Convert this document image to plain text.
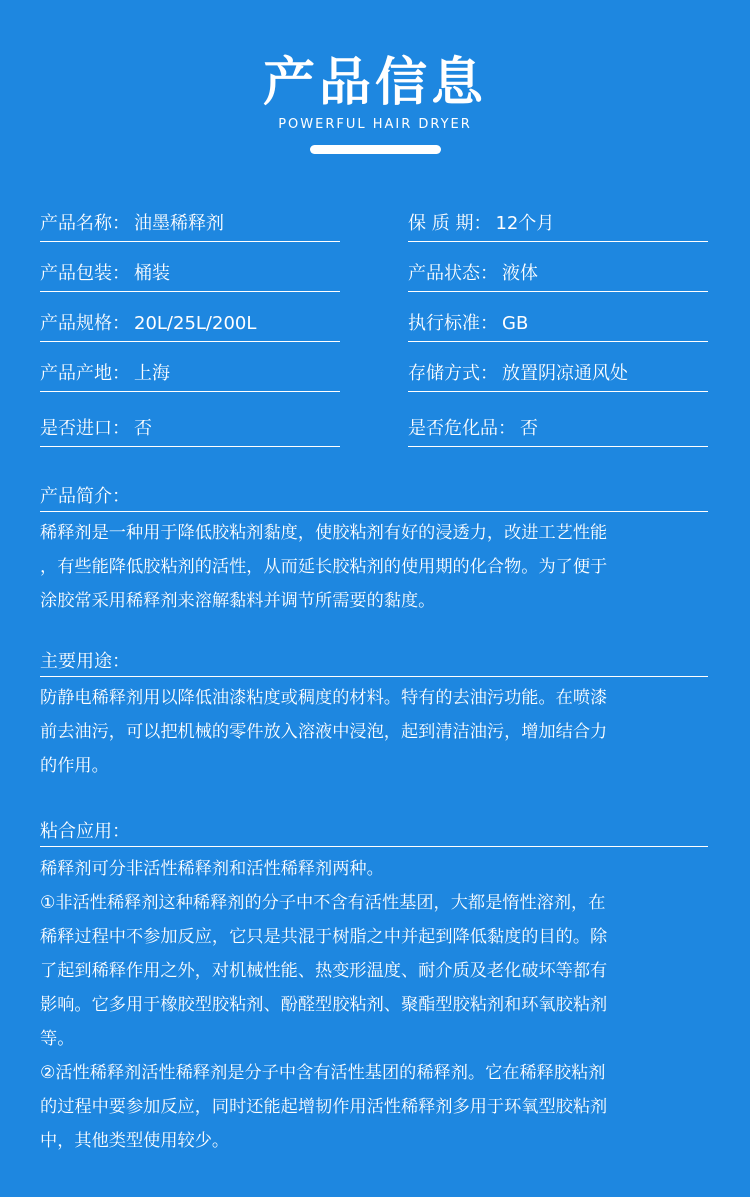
产品信息
POWERFUL HAIR DRYER
产品名称： 油墨稀释剂	保 质 期： 12个月
产品包装： 桶装	产品状态： 液体
产品规格： 20L/25L/200L	执行标准： GB
产品产地： 上海	存储方式： 放置阴凉通风处
是否进口： 否	是否危化品： 否
产品简介：

稀释剂是一种用于降低胶粘剂黏度，使胶粘剂有好的浸透力，改进工艺性能

，有些能降低胶粘剂的活性，从而延长胶粘剂的使用期的化合物。为了便于

涂胶常采用稀释剂来溶解黏料并调节所需要的黏度。

主要用途：

防静电稀释剂用以降低油漆粘度或稠度的材料。特有的去油污功能。在喷漆

前去油污，可以把机械的零件放入溶液中浸泡，起到清洁油污，增加结合力

的作用。

粘合应用：

稀释剂可分非活性稀释剂和活性稀释剂两种。

①非活性稀释剂这种稀释剂的分子中不含有活性基团，大都是惰性溶剂，在

稀释过程中不参加反应，它只是共混于树脂之中并起到降低黏度的目的。除

了起到稀释作用之外，对机械性能、热变形温度、耐介质及老化破坏等都有

影响。它多用于橡胶型胶粘剂、酚醛型胶粘剂、聚酯型胶粘剂和环氧胶粘剂

等。

②活性稀释剂活性稀释剂是分子中含有活性基团的稀释剂。它在稀释胶粘剂

的过程中要参加反应，同时还能起增韧作用活性稀释剂多用于环氧型胶粘剂

中，其他类型使用较少。
